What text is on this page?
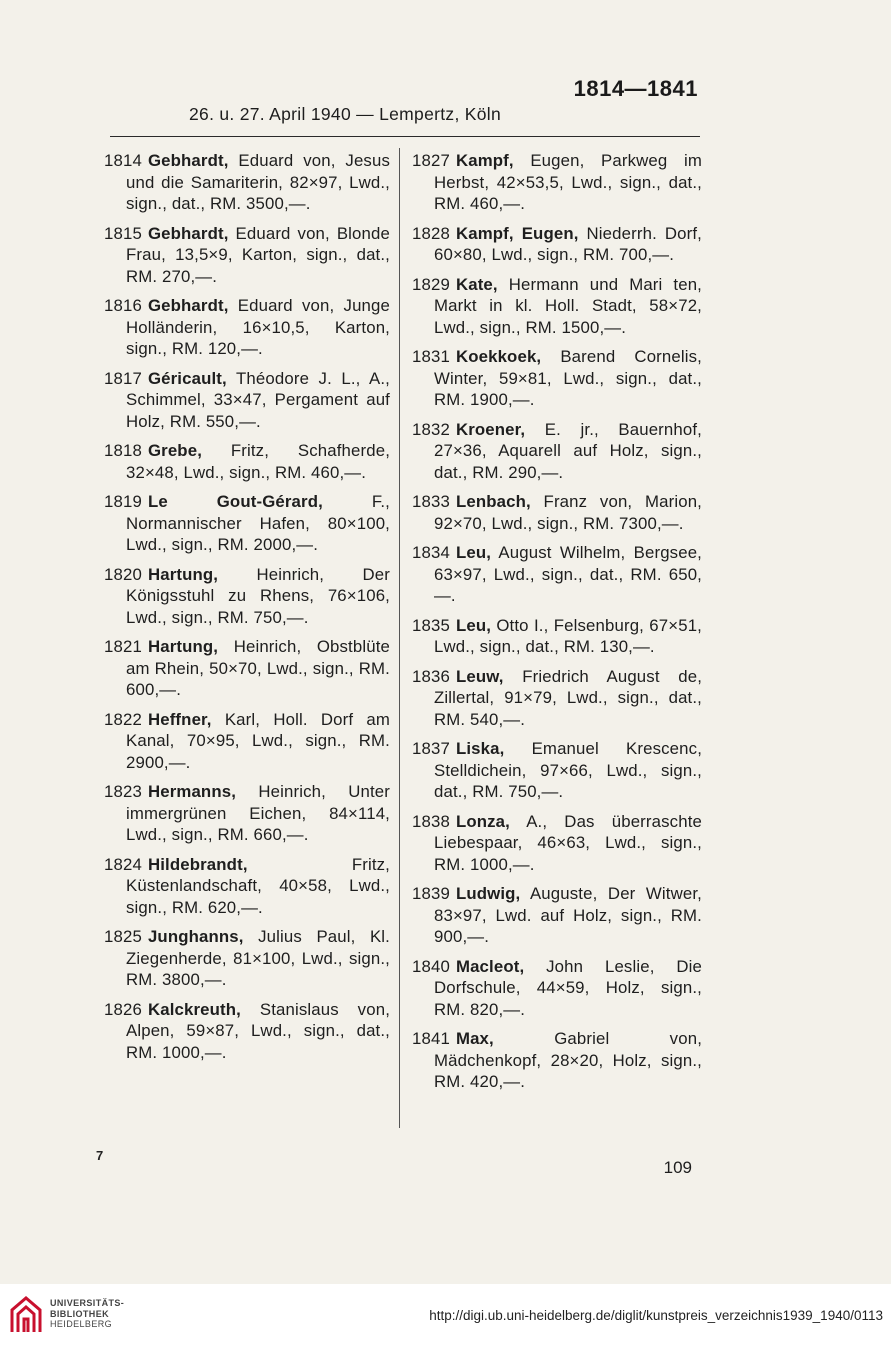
1814—1841
26. u. 27. April 1940 — Lempertz, Köln

1814 Gebhardt, Eduard von, Jesus und die Samariterin, 82×97, Lwd., sign., dat., RM. 3500,—.

1815 Gebhardt, Eduard von, Blonde Frau, 13,5×9, Karton, sign., dat., RM. 270,—.

1816 Gebhardt, Eduard von, Junge Holländerin, 16×10,5, Karton, sign., RM. 120,—.

1817 Géricault, Théodore J. L., A., Schimmel, 33×47, Pergament auf Holz, RM. 550,—.

1818 Grebe, Fritz, Schafherde, 32×48, Lwd., sign., RM. 460,—.

1819 Le Gout-Gérard,	F., Normannischer Hafen, 80×100, Lwd., sign., RM. 2000,—.

1820 Hartung, Heinrich, Der Königsstuhl zu Rhens, 76×106, Lwd., sign., RM. 750,—.

1821 Hartung, Heinrich, Obstblüte am Rhein, 50×70, Lwd., sign., RM. 600,—.

1822 Heffner, Karl, Holl. Dorf am Kanal, 70×95, Lwd., sign., RM. 2900,—.

1823 Hermanns, Heinrich, Unter immergrünen Eichen, 84×114, Lwd., sign., RM. 660,—.

1824 Hildebrandt,	Fritz, Küstenlandschaft, 40×58, Lwd., sign., RM. 620,—.

1825 Junghanns, Julius Paul, Kl. Ziegenherde, 81×100, Lwd., sign., RM. 3800,—.

1826 Kalckreuth, Stanislaus von, Alpen, 59×87, Lwd., sign., dat., RM. 1000,—.

1827 Kampf, Eugen, Parkweg im Herbst, 42×53,5, Lwd., sign., dat., RM. 460,—.

1828 Kampf, Eugen, Niederrh. Dorf, 60×80, Lwd., sign., RM. 700,—.

1829 Kate, Hermann und Mari ten, Markt in kl. Holl. Stadt, 58×72, Lwd., sign., RM. 1500,—.

1831 Koekkoek, Barend Cornelis, Winter, 59×81, Lwd., sign., dat., RM. 1900,—.

1832 Kroener, E. jr., Bauernhof, 27×36, Aquarell auf Holz, sign., dat., RM. 290,—.

1833 Lenbach, Franz von, Marion, 92×70, Lwd., sign., RM. 7300,—.

1834 Leu, August Wilhelm, Bergsee, 63×97, Lwd., sign., dat., RM. 650,—.

1835 Leu, Otto I., Felsenburg, 67×51, Lwd., sign., dat., RM. 130,—.

1836 Leuw, Friedrich August de, Zillertal, 91×79, Lwd., sign., dat., RM. 540,—.

1837 Liska, Emanuel Krescenc, Stelldichein, 97×66, Lwd., sign., dat., RM. 750,—.

1838 Lonza, A., Das überraschte Liebespaar, 46×63, Lwd., sign., RM. 1000,—.

1839 Ludwig, Auguste, Der Witwer, 83×97, Lwd. auf Holz, sign., RM. 900,—.

1840 Macleot, John Leslie, Die Dorfschule, 44×59, Holz, sign., RM. 820,—.

1841 Max,	Gabriel von, Mädchenkopf, 28×20, Holz, sign., RM. 420,—.

7
109
UNIVERSITÄTS-
BIBLIOTHEK
HEIDELBERG
http://digi.ub.uni-heidelberg.de/diglit/kunstpreis_verzeichnis1939_1940/0113
